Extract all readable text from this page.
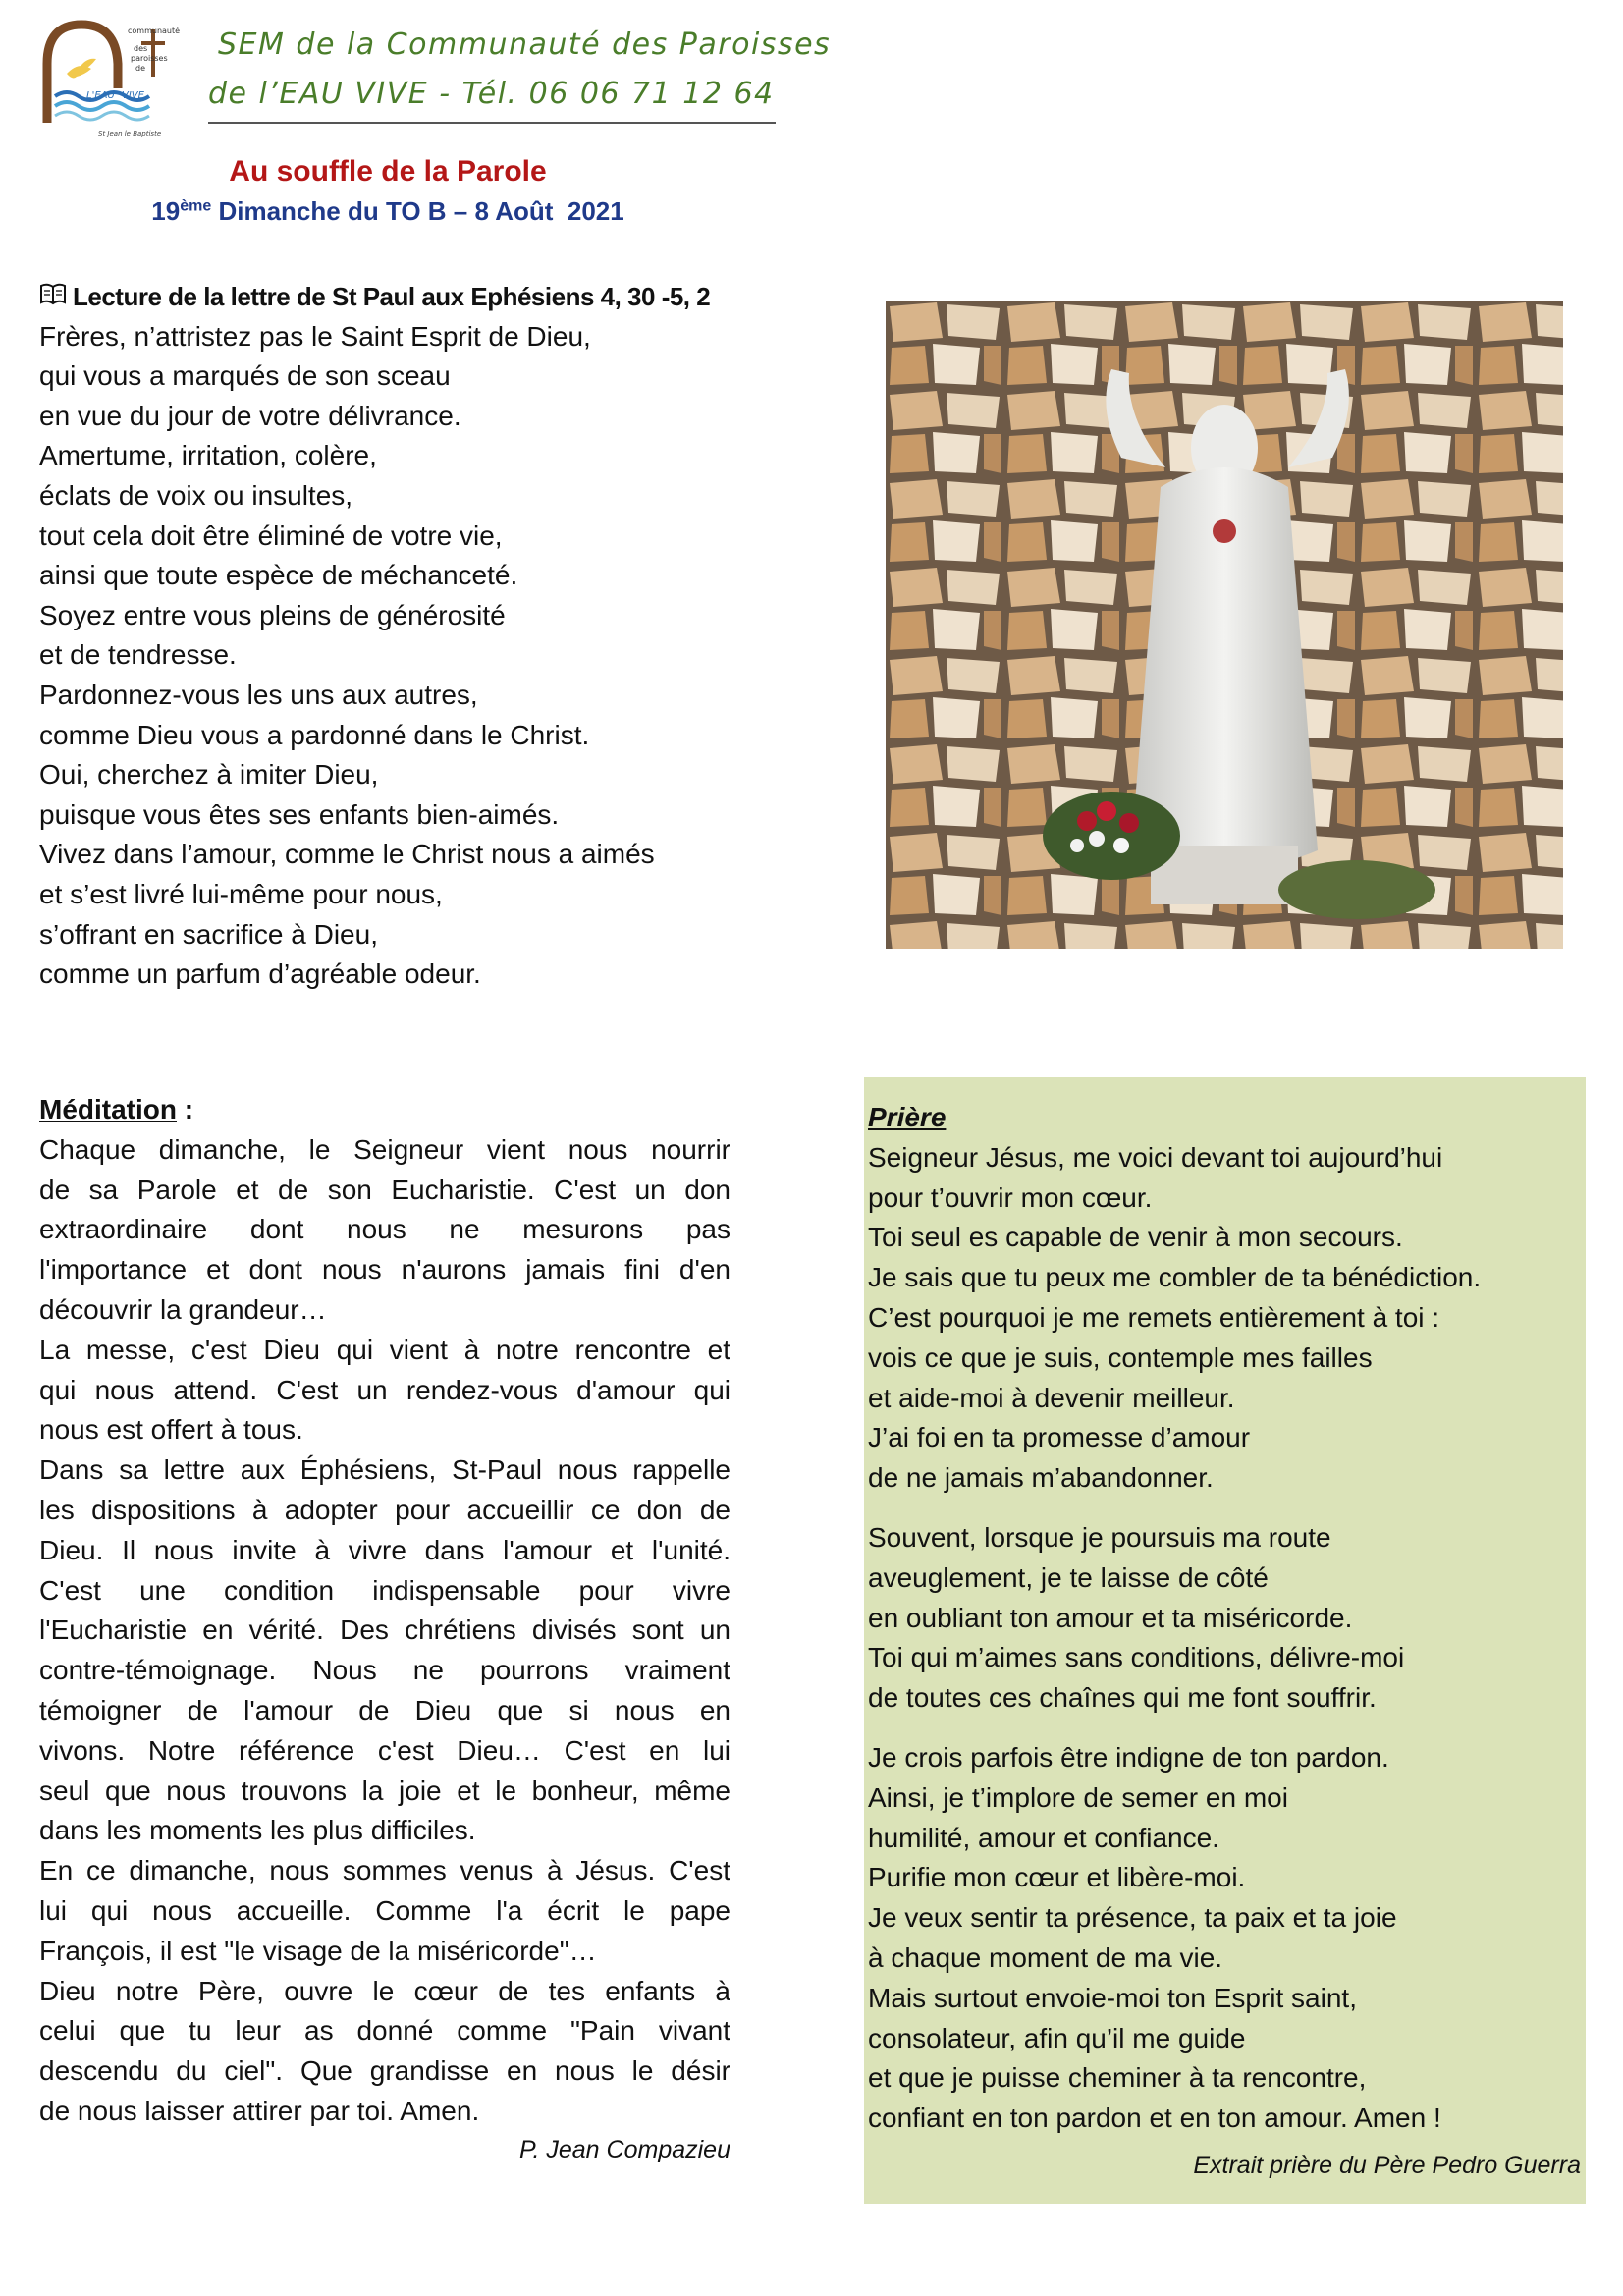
communauté
des
paroisses
de
L'EAU VIVE
St Jean le Baptiste
SEM de la Communauté des Paroisses
de l’EAU VIVE - Tél. 06 06 71 12 64
Au souffle de la Parole
19ème Dimanche du TO B – 8 Août  2021
Lecture de la lettre de St Paul aux Ephésiens 4, 30 -5, 2
Frères, n’attristez pas le Saint Esprit de Dieu,
qui vous a marqués de son sceau
en vue du jour de votre délivrance.
Amertume, irritation, colère,
éclats de voix ou insultes,
tout cela doit être éliminé de votre vie,
ainsi que toute espèce de méchanceté.
Soyez entre vous pleins de générosité
et de tendresse.
Pardonnez-vous les uns aux autres,
comme Dieu vous a pardonné dans le Christ.
Oui, cherchez à imiter Dieu,
puisque vous êtes ses enfants bien-aimés.
Vivez dans l’amour, comme le Christ nous a aimés
et s’est livré lui-même pour nous,
s’offrant en sacrifice à Dieu,
comme un parfum d’agréable odeur.
Méditation :
Chaque dimanche, le Seigneur vient nous nourrir
de sa Parole et de son Eucharistie. C'est un don
extraordinaire dont nous ne mesurons pas
l'importance et dont nous n'aurons jamais fini d'en
découvrir la grandeur…
La messe, c'est Dieu qui vient à notre rencontre et
qui nous attend. C'est un rendez-vous d'amour qui
nous est offert à tous.
Dans sa lettre aux Éphésiens, St-Paul nous rappelle
les dispositions à adopter pour accueillir ce don de
Dieu. Il nous invite à vivre dans l'amour et l'unité.
C'est une condition indispensable pour vivre
l'Eucharistie en vérité. Des chrétiens divisés sont un
contre-témoignage. Nous ne pourrons vraiment
témoigner de l'amour de Dieu que si nous en
vivons. Notre référence c'est Dieu… C'est en lui
seul que nous trouvons la joie et le bonheur, même
dans les moments les plus difficiles.
En ce dimanche, nous sommes venus à Jésus. C'est
lui qui nous accueille. Comme l'a écrit le pape
François, il est "le visage de la miséricorde"…
Dieu notre Père, ouvre le cœur de tes enfants à
celui que tu leur as donné comme "Pain vivant
descendu du ciel". Que grandisse en nous le désir
de nous laisser attirer par toi. Amen.
P. Jean Compazieu
Prière
Seigneur Jésus, me voici devant toi aujourd’hui
pour t’ouvrir mon cœur.
Toi seul es capable de venir à mon secours.
Je sais que tu peux me combler de ta bénédiction.
C’est pourquoi je me remets entièrement à toi :
vois ce que je suis, contemple mes failles
et aide-moi à devenir meilleur.
J’ai foi en ta promesse d’amour
de ne jamais m’abandonner.
Souvent, lorsque je poursuis ma route
aveuglement, je te laisse de côté
en oubliant ton amour et ta miséricorde.
Toi qui m’aimes sans conditions, délivre-moi
de toutes ces chaînes qui me font souffrir.
Je crois parfois être indigne de ton pardon.
Ainsi, je t’implore de semer en moi
humilité, amour et confiance.
Purifie mon cœur et libère-moi.
Je veux sentir ta présence, ta paix et ta joie
à chaque moment de ma vie.
Mais surtout envoie-moi ton Esprit saint,
consolateur, afin qu’il me guide
et que je puisse cheminer à ta rencontre,
confiant en ton pardon et en ton amour. Amen !
Extrait prière du Père Pedro Guerra
